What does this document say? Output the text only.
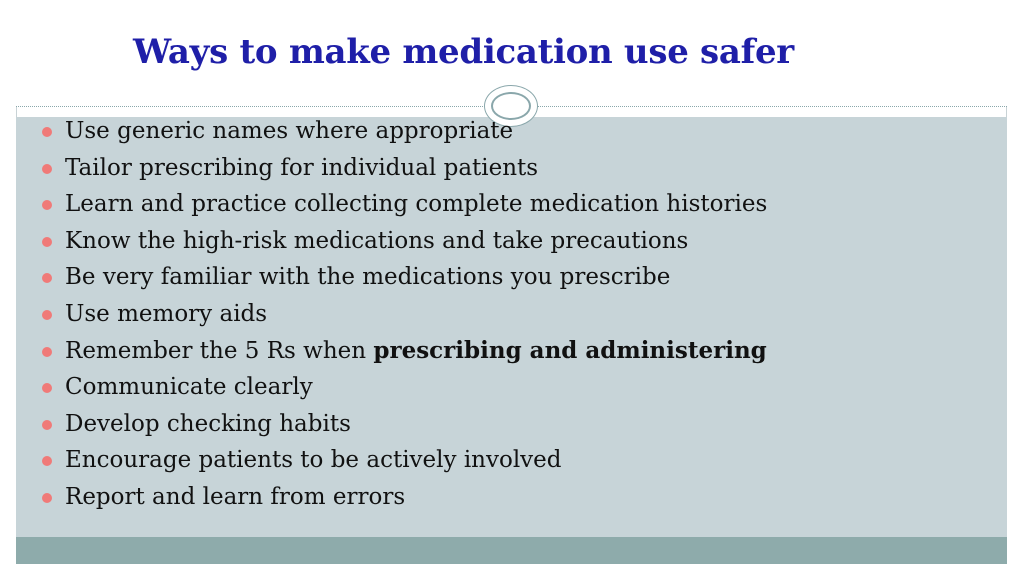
Ways to make medication use safer
Use generic names where appropriate
Tailor prescribing for individual patients
Learn and practice collecting complete medication histories
Know the high-risk medications and take precautions
Be very familiar with the medications you prescribe
Use memory aids
Remember the 5 Rs when prescribing and administering
Communicate clearly
Develop checking habits
Encourage patients to be actively involved
Report and learn from errors
